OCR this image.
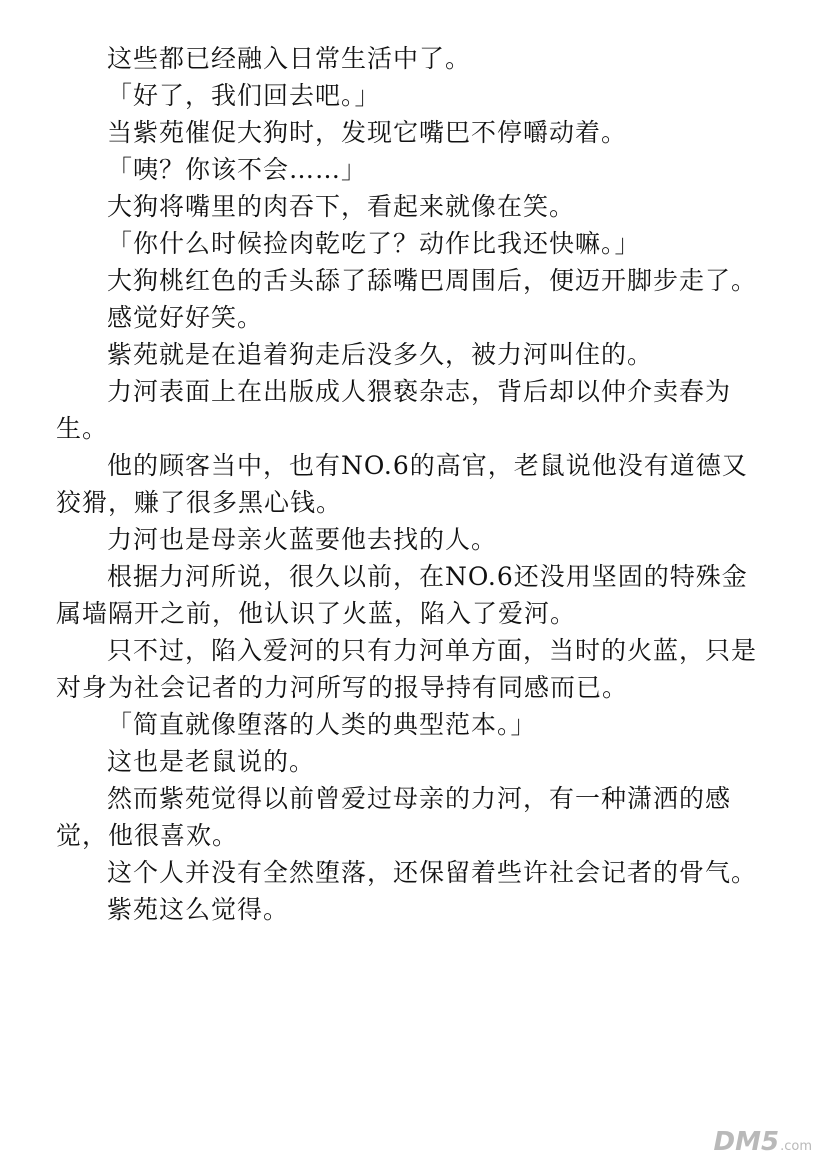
这些都已经融入日常生活中了。

「好了，我们回去吧。」

当紫苑催促大狗时，发现它嘴巴不停嚼动着。

「咦？你该不会……」

大狗将嘴里的肉吞下，看起来就像在笑。

「你什么时候捡肉乾吃了？动作比我还快嘛。」

大狗桃红色的舌头舔了舔嘴巴周围后，便迈开脚步走了。

感觉好好笑。

紫苑就是在追着狗走后没多久，被力河叫住的。

力河表面上在出版成人猥亵杂志，背后却以仲介卖春为生。

他的顾客当中，也有NO.6的高官，老鼠说他没有道德又狡猾，赚了很多黑心钱。

力河也是母亲火蓝要他去找的人。

根据力河所说，很久以前，在NO.6还没用坚固的特殊金属墙隔开之前，他认识了火蓝，陷入了爱河。

只不过，陷入爱河的只有力河单方面，当时的火蓝，只是对身为社会记者的力河所写的报导持有同感而已。

「简直就像堕落的人类的典型范本。」

这也是老鼠说的。

然而紫苑觉得以前曾爱过母亲的力河，有一种潇洒的感觉，他很喜欢。

这个人并没有全然堕落，还保留着些许社会记者的骨气。

紫苑这么觉得。

DM5 .com
